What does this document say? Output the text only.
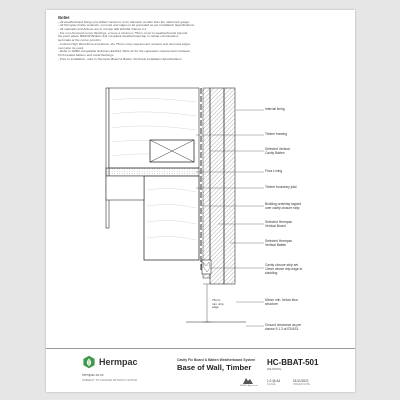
Notes
- All weatherboard fixings pre-drilled maximum 1mm diameter smaller than the nail/screw gauge.
- All Hermpac timber products, cut ends and edges to be preceded as per Installation Specifications.
- All materials and fixtures are to comply with E2/AS1 Clause 2.2.
- For non-hemmed corner flashings, ensure a minimum 75mm cover to weatherboards beyond
the point where BRANZ Bulletin 411 compliant weatherboard lap or rebate combinations
terminate at the corner junction.
- In Extra High Wind Zone and above, the 75mm cover requirement remains and hemmed edges
must also be used.
- Refer to NZBC Acceptable Solutions E2/AS1 Table 21 for the separation requirements between
CCA treated battens and metal flashings.
- Prior to installation, refer to Hermpac Board & Batten Technical Installation Specifications.
Internal lining
Timber framing
Selected Vertical
Cavity Batten
Floor Lining
Timber boundary joist
Building underlay lapped
over cavity closure strip
Selected Hermpac
Vertical Board
Selected Hermpac
Vertical Batten
Cavity closure strip set
10mm above drip edge to
cladding
60mm min. below floor
structure
Ground clearance as per
clause 9.1.3 of E2/AS1
75mm
min. drip
edge
Hermpac
hermpac.co.nz
SUBJECT TO CHANGE WITHOUT NOTICE
Cavity Fix Board & Batten Weatherboard System
Base of Wall, Timber
BRANZ Appraised
HC-BBAT-501
DRAWING
1:2 @ A4
SCALE
01/11/2021
ISSUED DATE
